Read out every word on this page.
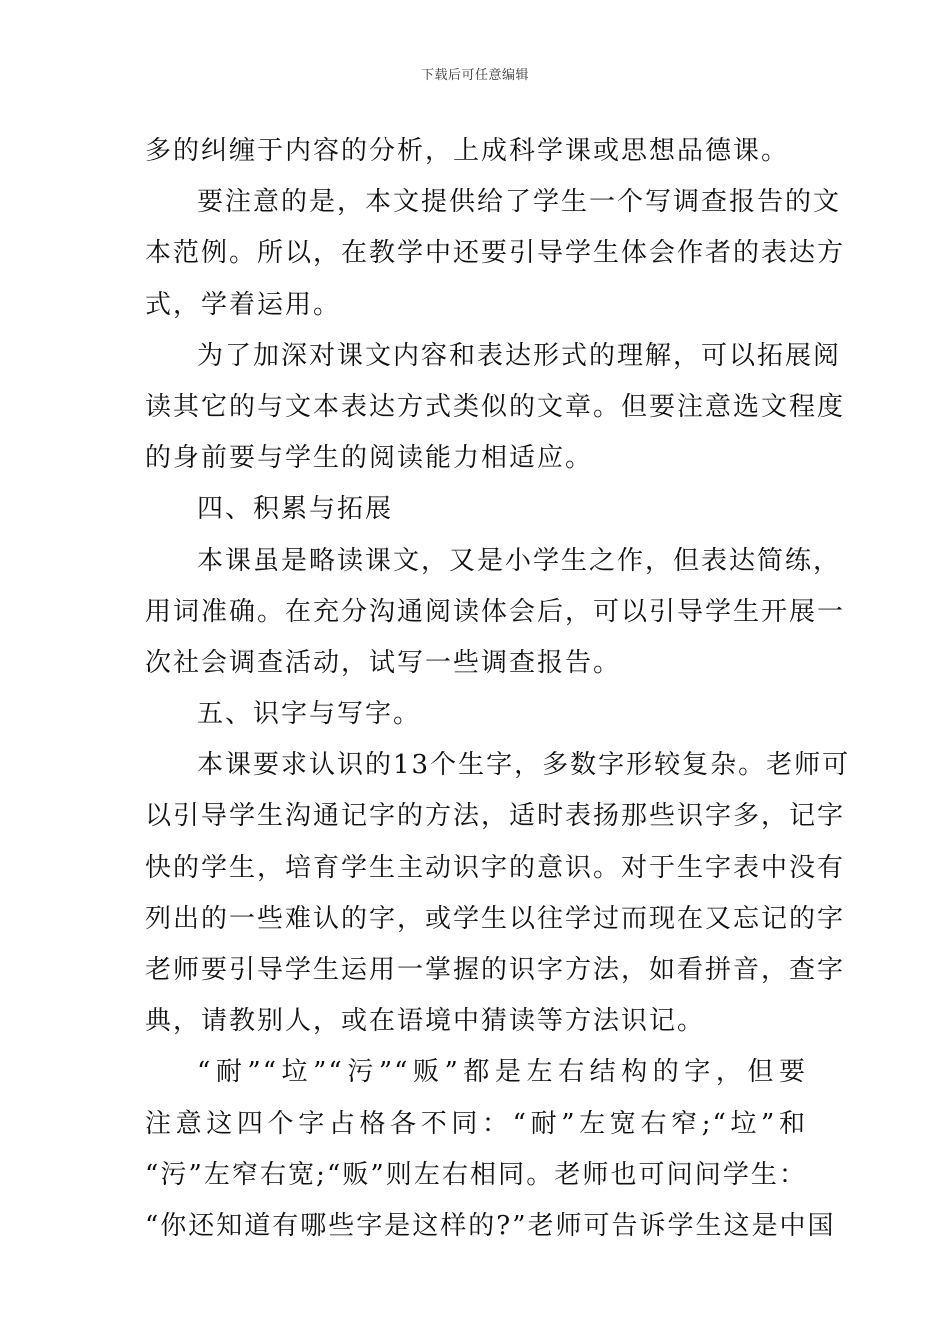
下载后可任意编辑
多的纠缠于内容的分析，上成科学课或思想品德课。
要注意的是，本文提供给了学生一个写调查报告的文
本范例。所以，在教学中还要引导学生体会作者的表达方
式，学着运用。
为了加深对课文内容和表达形式的理解，可以拓展阅
读其它的与文本表达方式类似的文章。但要注意选文程度
的身前要与学生的阅读能力相适应。
四、积累与拓展
本课虽是略读课文，又是小学生之作，但表达简练，
用词准确。在充分沟通阅读体会后，可以引导学生开展一
次社会调查活动，试写一些调查报告。
五、识字与写字。
本课要求认识的13个生字，多数字形较复杂。老师可
以引导学生沟通记字的方法，适时表扬那些识字多，记字
快的学生，培育学生主动识字的意识。对于生字表中没有
列出的一些难认的字，或学生以往学过而现在又忘记的字
老师要引导学生运用一掌握的识字方法，如看拼音，查字
典，请教别人，或在语境中猜读等方法识记。
“耐”“垃”“污”“贩”都是左右结构的字，但要
注意这四个字占格各不同：“耐”左宽右窄;“垃”和
“污”左窄右宽;“贩”则左右相同。老师也可问问学生：
“你还知道有哪些字是这样的?”老师可告诉学生这是中国
